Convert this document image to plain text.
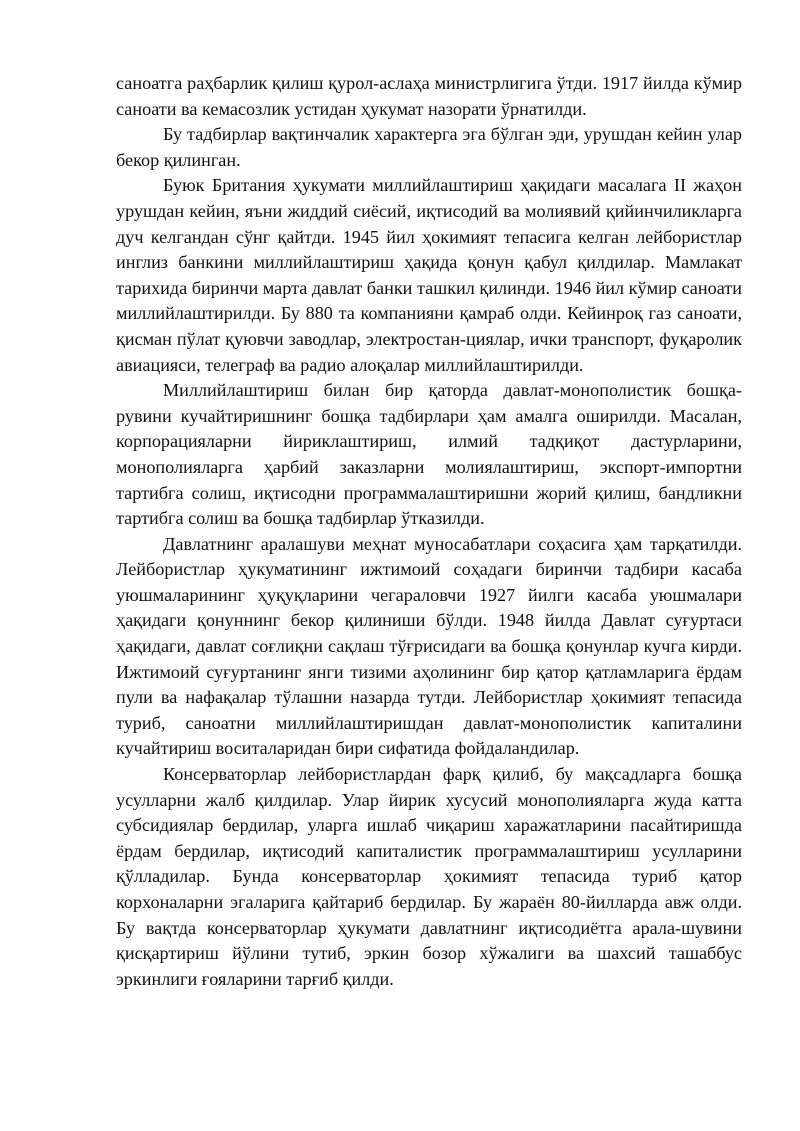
саноатга раҳбарлик қилиш қурол-аслаҳа министрлигига ўтди. 1917 йилда кўмир саноати ва кемасозлик устидан ҳукумат назорати ўрнатилди.

Бу тадбирлар вақтинчалик характерга эга бўлган эди, урушдан кейин улар бекор қилинган.

Буюк Британия ҳукумати миллийлаштириш ҳақидаги масалага II жаҳон урушдан кейин, яъни жиддий сиёсий, иқтисодий ва молиявий қийинчиликларга дуч келгандан сўнг қайтди. 1945 йил ҳокимият тепасига келган лейбористлар инглиз банкини миллийлаштириш ҳақида қонун қабул қилдилар. Мамлакат тарихида биринчи марта давлат банки ташкил қилинди. 1946 йил кўмир саноати миллийлаштирилди. Бу 880 та компанияни қамраб олди. Кейинроқ газ саноати, қисман пўлат қуювчи заводлар, электростан-циялар, ички транспорт, фуқаролик авиацияси, телеграф ва радио алоқалар миллийлаштирилди.

Миллийлаштириш билан бир қаторда давлат-монополистик бошқа-рувини кучайтиришнинг бошқа тадбирлари ҳам амалга оширилди. Масалан, корпорацияларни йириклаштириш, илмий тадқиқот дастурларини, монополияларга ҳарбий заказларни молиялаштириш, экспорт-импортни тартибга солиш, иқтисодни программалаштиришни жорий қилиш, бандликни тартибга солиш ва бошқа тадбирлар ўтказилди.

Давлатнинг аралашуви меҳнат муносабатлари соҳасига ҳам тарқатилди. Лейбористлар ҳукуматининг ижтимоий соҳадаги биринчи тадбири касаба уюшмаларининг ҳуқуқларини чегараловчи 1927 йилги касаба уюшмалари ҳақидаги қонуннинг бекор қилиниши бўлди. 1948 йилда Давлат суғуртаси ҳақидаги, давлат соғлиқни сақлаш тўғрисидаги ва бошқа қонунлар кучга кирди. Ижтимоий суғуртанинг янги тизими аҳолининг бир қатор қатламларига ёрдам пули ва нафақалар тўлашни назарда тутди. Лейбористлар ҳокимият тепасида туриб, саноатни миллийлаштиришдан давлат-монополистик капиталини кучайтириш воситаларидан бири сифатида фойдаландилар.

Консерваторлар лейбористлардан фарқ қилиб, бу мақсадларга бошқа усулларни жалб қилдилар. Улар йирик хусусий монополияларга жуда катта субсидиялар бердилар, уларга ишлаб чиқариш харажатларини пасайтиришда ёрдам бердилар, иқтисодий капиталистик программалаштириш усулларини қўлладилар. Бунда консерваторлар ҳокимият тепасида туриб қатор корхоналарни эгаларига қайтариб бердилар. Бу жараён 80-йилларда авж олди. Бу вақтда консерваторлар ҳукумати давлатнинг иқтисодиётга арала-шувини қисқартириш йўлини тутиб, эркин бозор хўжалиги ва шахсий ташаббус эркинлиги ғояларини тарғиб қилди.
